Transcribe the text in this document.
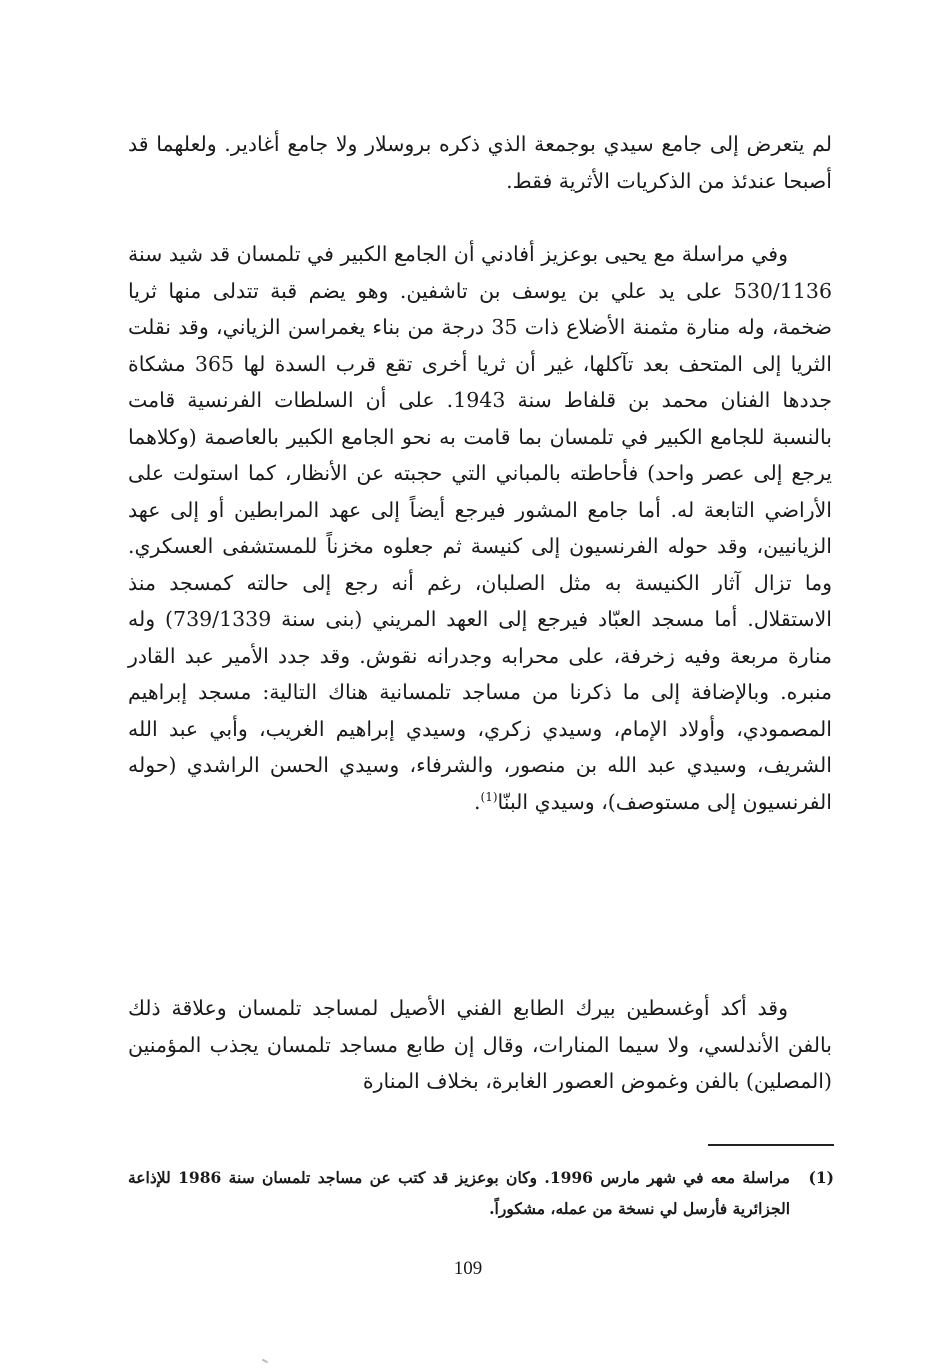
لم يتعرض إلى جامع سيدي بوجمعة الذي ذكره بروسلار ولا جامع أغادير. ولعلهما قد أصبحا عندئذ من الذكريات الأثرية فقط.

وفي مراسلة مع يحيى بوعزيز أفادني أن الجامع الكبير في تلمسان قد شيد سنة 530/1136 على يد علي بن يوسف بن تاشفين. وهو يضم قبة تتدلى منها ثريا ضخمة، وله منارة مثمنة الأضلاع ذات 35 درجة من بناء يغمراسن الزياني، وقد نقلت الثريا إلى المتحف بعد تآكلها، غير أن ثريا أخرى تقع قرب السدة لها 365 مشكاة جددها الفنان محمد بن قلفاط سنة 1943. على أن السلطات الفرنسية قامت بالنسبة للجامع الكبير في تلمسان بما قامت به نحو الجامع الكبير بالعاصمة (وكلاهما يرجع إلى عصر واحد) فأحاطته بالمباني التي حجبته عن الأنظار، كما استولت على الأراضي التابعة له. أما جامع المشور فيرجع أيضاً إلى عهد المرابطين أو إلى عهد الزيانيين، وقد حوله الفرنسيون إلى كنيسة ثم جعلوه مخزناً للمستشفى العسكري. وما تزال آثار الكنيسة به مثل الصلبان، رغم أنه رجع إلى حالته كمسجد منذ الاستقلال. أما مسجد العبّاد فيرجع إلى العهد المريني (بنى سنة 739/1339) وله منارة مربعة وفيه زخرفة، على محرابه وجدرانه نقوش. وقد جدد الأمير عبد القادر منبره. وبالإضافة إلى ما ذكرنا من مساجد تلمسانية هناك التالية: مسجد إبراهيم المصمودي، وأولاد الإمام، وسيدي زكري، وسيدي إبراهيم الغريب، وأبي عبد الله الشريف، وسيدي عبد الله بن منصور، والشرفاء، وسيدي الحسن الراشدي (حوله الفرنسيون إلى مستوصف)، وسيدي البنّا$^{(1)}$.

وقد أكد أوغسطين بيرك الطابع الفني الأصيل لمساجد تلمسان وعلاقة ذلك بالفن الأندلسي، ولا سيما المنارات، وقال إن طابع مساجد تلمسان يجذب المؤمنين (المصلين) بالفن وغموض العصور الغابرة، بخلاف المنارة

(1)
مراسلة معه في شهر مارس 1996. وكان بوعزيز قد كتب عن مساجد تلمسان سنة 1986 للإذاعة الجزائرية فأرسل لي نسخة من عمله، مشكوراً.
109
